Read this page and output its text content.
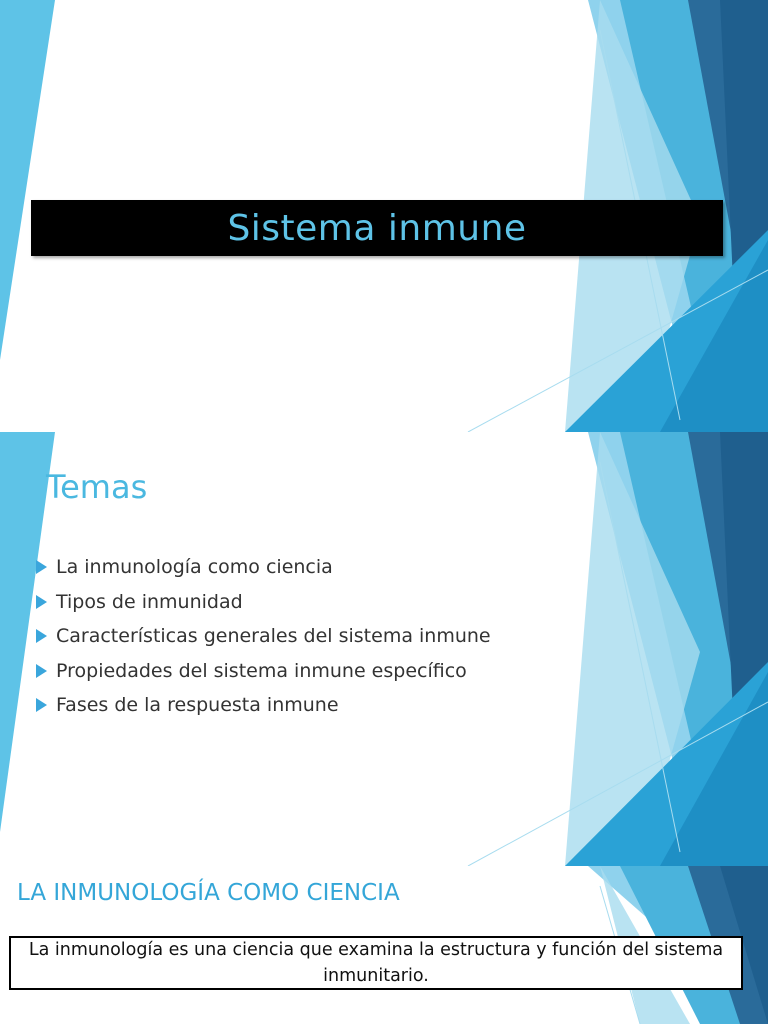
Sistema inmune
Temas
La inmunología como ciencia
Tipos de inmunidad
Características generales del sistema inmune
Propiedades del sistema inmune específico
Fases de la respuesta inmune
LA INMUNOLOGÍA COMO CIENCIA
La inmunología es una ciencia que examina la estructura y función del sistema inmunitario.
